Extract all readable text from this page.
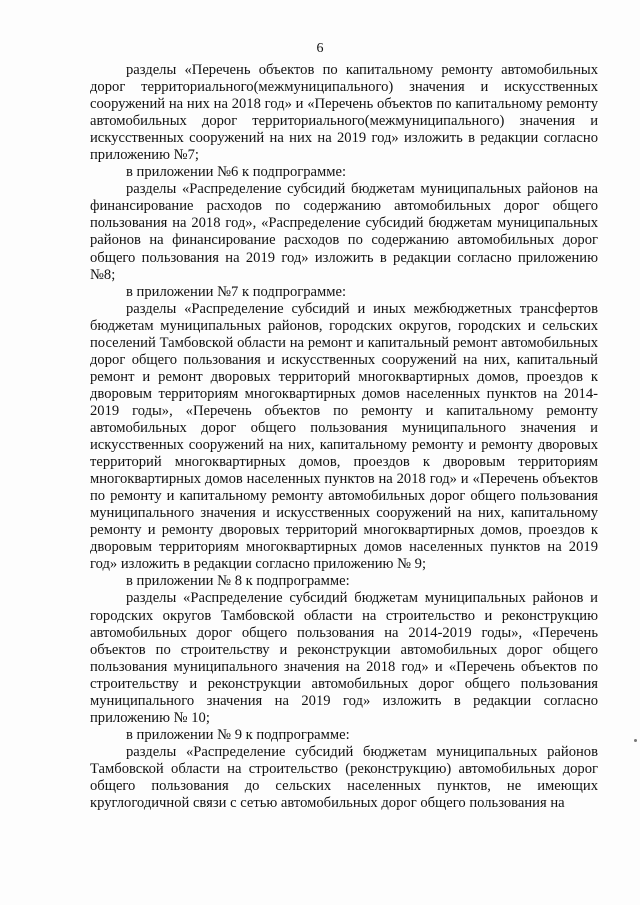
6

разделы «Перечень объектов по капитальному ремонту автомобильных дорог территориального(межмуниципального) значения и искусственных сооружений на них на 2018 год» и «Перечень объектов по капитальному ремонту автомобильных дорог территориального(межмуниципального) значения и искусственных сооружений на них на 2019 год» изложить в редакции согласно приложению №7;

в приложении №6 к подпрограмме:

разделы «Распределение субсидий бюджетам муниципальных районов на финансирование расходов по содержанию автомобильных дорог общего пользования на 2018 год», «Распределение субсидий бюджетам муниципальных районов на финансирование расходов по содержанию автомобильных дорог общего пользования на 2019 год» изложить в редакции согласно приложению №8;

в приложении №7 к подпрограмме:

разделы «Распределение субсидий и иных межбюджетных трансфертов бюджетам муниципальных районов, городских округов, городских и сельских поселений Тамбовской области на ремонт и капитальный ремонт автомобильных дорог общего пользования и искусственных сооружений на них, капитальный ремонт и ремонт дворовых территорий многоквартирных домов, проездов к дворовым территориям многоквартирных домов населенных пунктов на 2014-2019 годы», «Перечень объектов по ремонту и капитальному ремонту автомобильных дорог общего пользования муниципального значения и искусственных сооружений на них, капитальному ремонту и ремонту дворовых территорий многоквартирных домов, проездов к дворовым территориям многоквартирных домов населенных пунктов на 2018 год» и «Перечень объектов по ремонту и капитальному ремонту автомобильных дорог общего пользования муниципального значения и искусственных сооружений на них, капитальному ремонту и ремонту дворовых территорий многоквартирных домов, проездов к дворовым территориям многоквартирных домов населенных пунктов на 2019 год» изложить в редакции согласно приложению № 9;

в приложении № 8 к подпрограмме:

разделы «Распределение субсидий бюджетам муниципальных районов и городских округов Тамбовской области на строительство и реконструкцию автомобильных дорог общего пользования на 2014-2019 годы», «Перечень объектов по строительству и реконструкции автомобильных дорог общего пользования муниципального значения на 2018 год» и «Перечень объектов по строительству и реконструкции автомобильных дорог общего пользования муниципального значения на 2019 год» изложить в редакции согласно приложению № 10;

в приложении № 9 к подпрограмме:

разделы «Распределение субсидий бюджетам муниципальных районов Тамбовской области на строительство (реконструкцию) автомобильных дорог общего пользования до сельских населенных пунктов, не имеющих круглогодичной связи с сетью автомобильных дорог общего пользования на
